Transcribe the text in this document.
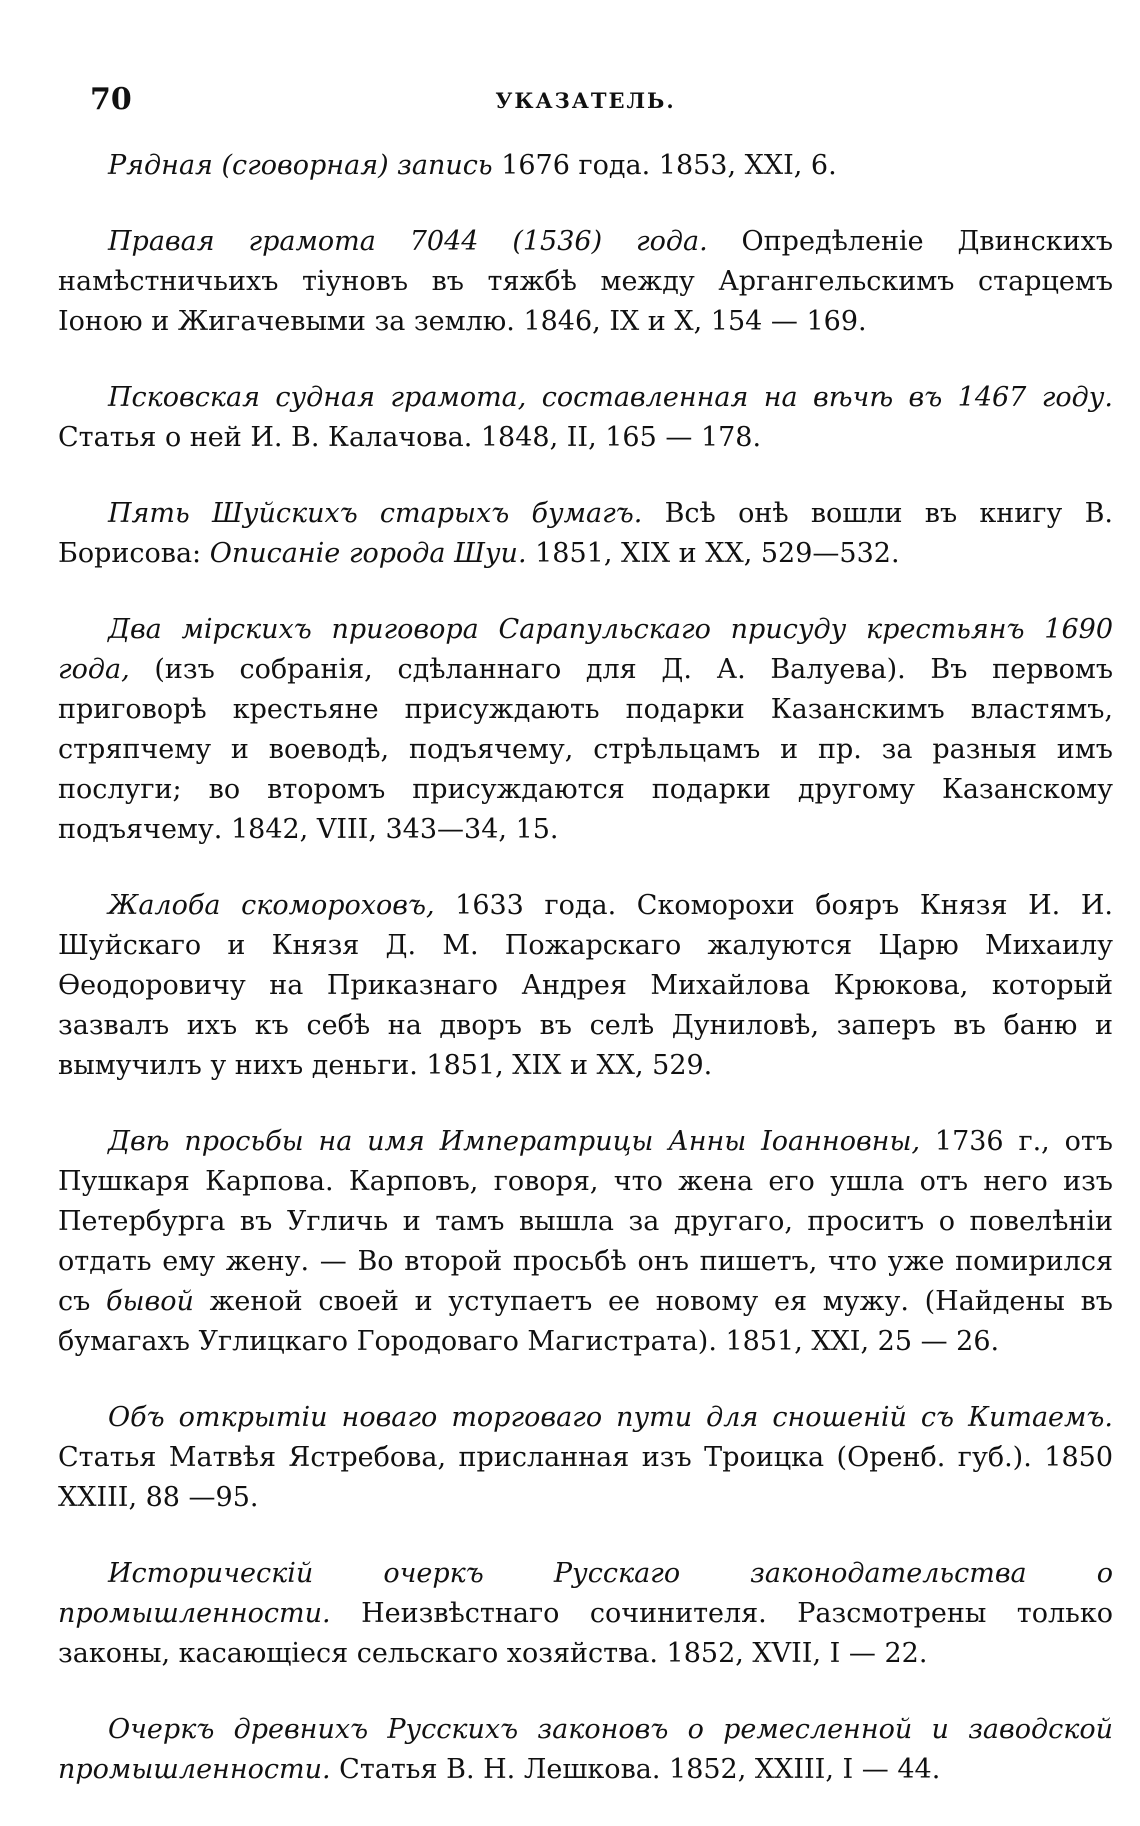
70	УКАЗАТЕЛЬ.

Рядная (сговорная) запись 1676 года. 1853, XXI, 6.

Правая грамота 7044 (1536) года. Опредѣленіе Двинскихъ намѣстничьихъ тіуновъ въ тяжбѣ между Аргангельскимъ старцемъ Іоною и Жигачевыми за землю. 1846, IX и X, 154 — 169.

Псковская судная грамота, составленная на вѣчѣ въ 1467 году. Статья о ней И. В. Калачова. 1848, II, 165 — 178.

Пять Шуйскихъ старыхъ бумагъ. Всѣ онѣ вошли въ книгу В. Борисова: Описаніе города Шуи. 1851, XIX и XX, 529—532.

Два мірскихъ приговора Сарапульскаго присуду крестьянъ 1690 года, (изъ собранія, сдѣланнаго для Д. А. Валуева). Въ первомъ приговорѣ крестьяне присуждають подарки Казанскимъ властямъ, стряпчему и воеводѣ, подъячему, стрѣльцамъ и пр. за разныя имъ послуги; во второмъ присуждаются подарки другому Казанскому подъячему. 1842, VIII, 343—34, 15.

Жалоба скомороховъ, 1633 года. Скоморохи бояръ Князя И. И. Шуйскаго и Князя Д. М. Пожарскаго жалуются Царю Михаилу Ѳеодоровичу на Приказнаго Андрея Михайлова Крюкова, который зазвалъ ихъ къ себѣ на дворъ въ селѣ Дуниловѣ, заперъ въ баню и вымучилъ у нихъ деньги. 1851, XIX и XX, 529.

Двѣ просьбы на имя Императрицы Анны Іоанновны, 1736 г., отъ Пушкаря Карпова. Карповъ, говоря, что жена его ушла отъ него изъ Петербурга въ Угличь и тамъ вышла за другаго, проситъ о повелѣніи отдать ему жену. — Во второй просьбѣ онъ пишетъ, что уже помирился съ бывой женой своей и уступаетъ ее новому ея мужу. (Найдены въ бумагахъ Углицкаго Городоваго Магистрата). 1851, XXI, 25 — 26.

Объ открытіи новаго торговаго пути для сношеній съ Китаемъ. Статья Матвѣя Ястребова, присланная изъ Троицка (Оренб. губ.). 1850 XXIII, 88 —95.

Историческій очеркъ Русскаго законодательства о промышленности. Неизвѣстнаго сочинителя. Разсмотрены только законы, касающіеся сельскаго хозяйства. 1852, XVII, I — 22.

Очеркъ древнихъ Русскихъ законовъ о ремесленной и заводской промышленности. Статья В. Н. Лешкова. 1852, XXIII, I — 44.
